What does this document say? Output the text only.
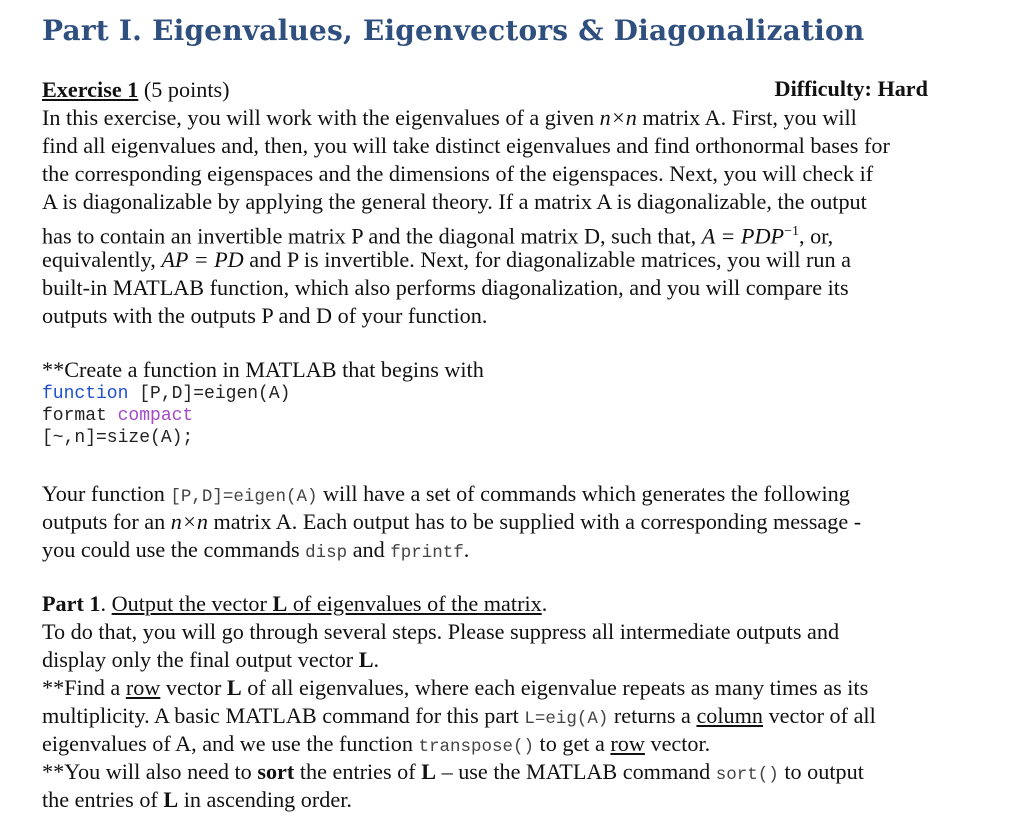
Part I. Eigenvalues, Eigenvectors & Diagonalization
Exercise 1 (5 points)	Difficulty: Hard
In this exercise, you will work with the eigenvalues of a given n×n matrix A. First, you will
find all eigenvalues and, then, you will take distinct eigenvalues and find orthonormal bases for
the corresponding eigenspaces and the dimensions of the eigenspaces. Next, you will check if
A is diagonalizable by applying the general theory. If a matrix A is diagonalizable, the output
has to contain an invertible matrix P and the diagonal matrix D, such that, $A = PDP^{-1}$, or,
equivalently, AP = PD and P is invertible. Next, for diagonalizable matrices, you will run a
built-in MATLAB function, which also performs diagonalization, and you will compare its
outputs with the outputs P and D of your function.
**Create a function in MATLAB that begins with
function [P,D]=eigen(A)
format compact
[~,n]=size(A);
Your function [P,D]=eigen(A) will have a set of commands which generates the following
outputs for an n×n matrix A. Each output has to be supplied with a corresponding message -
you could use the commands disp and fprintf.
Part 1. Output the vector L of eigenvalues of the matrix.
To do that, you will go through several steps. Please suppress all intermediate outputs and
display only the final output vector L.
**Find a row vector L of all eigenvalues, where each eigenvalue repeats as many times as its
multiplicity. A basic MATLAB command for this part L=eig(A) returns a column vector of all
eigenvalues of A, and we use the function transpose() to get a row vector.
**You will also need to sort the entries of L – use the MATLAB command sort() to output
the entries of L in ascending order.
